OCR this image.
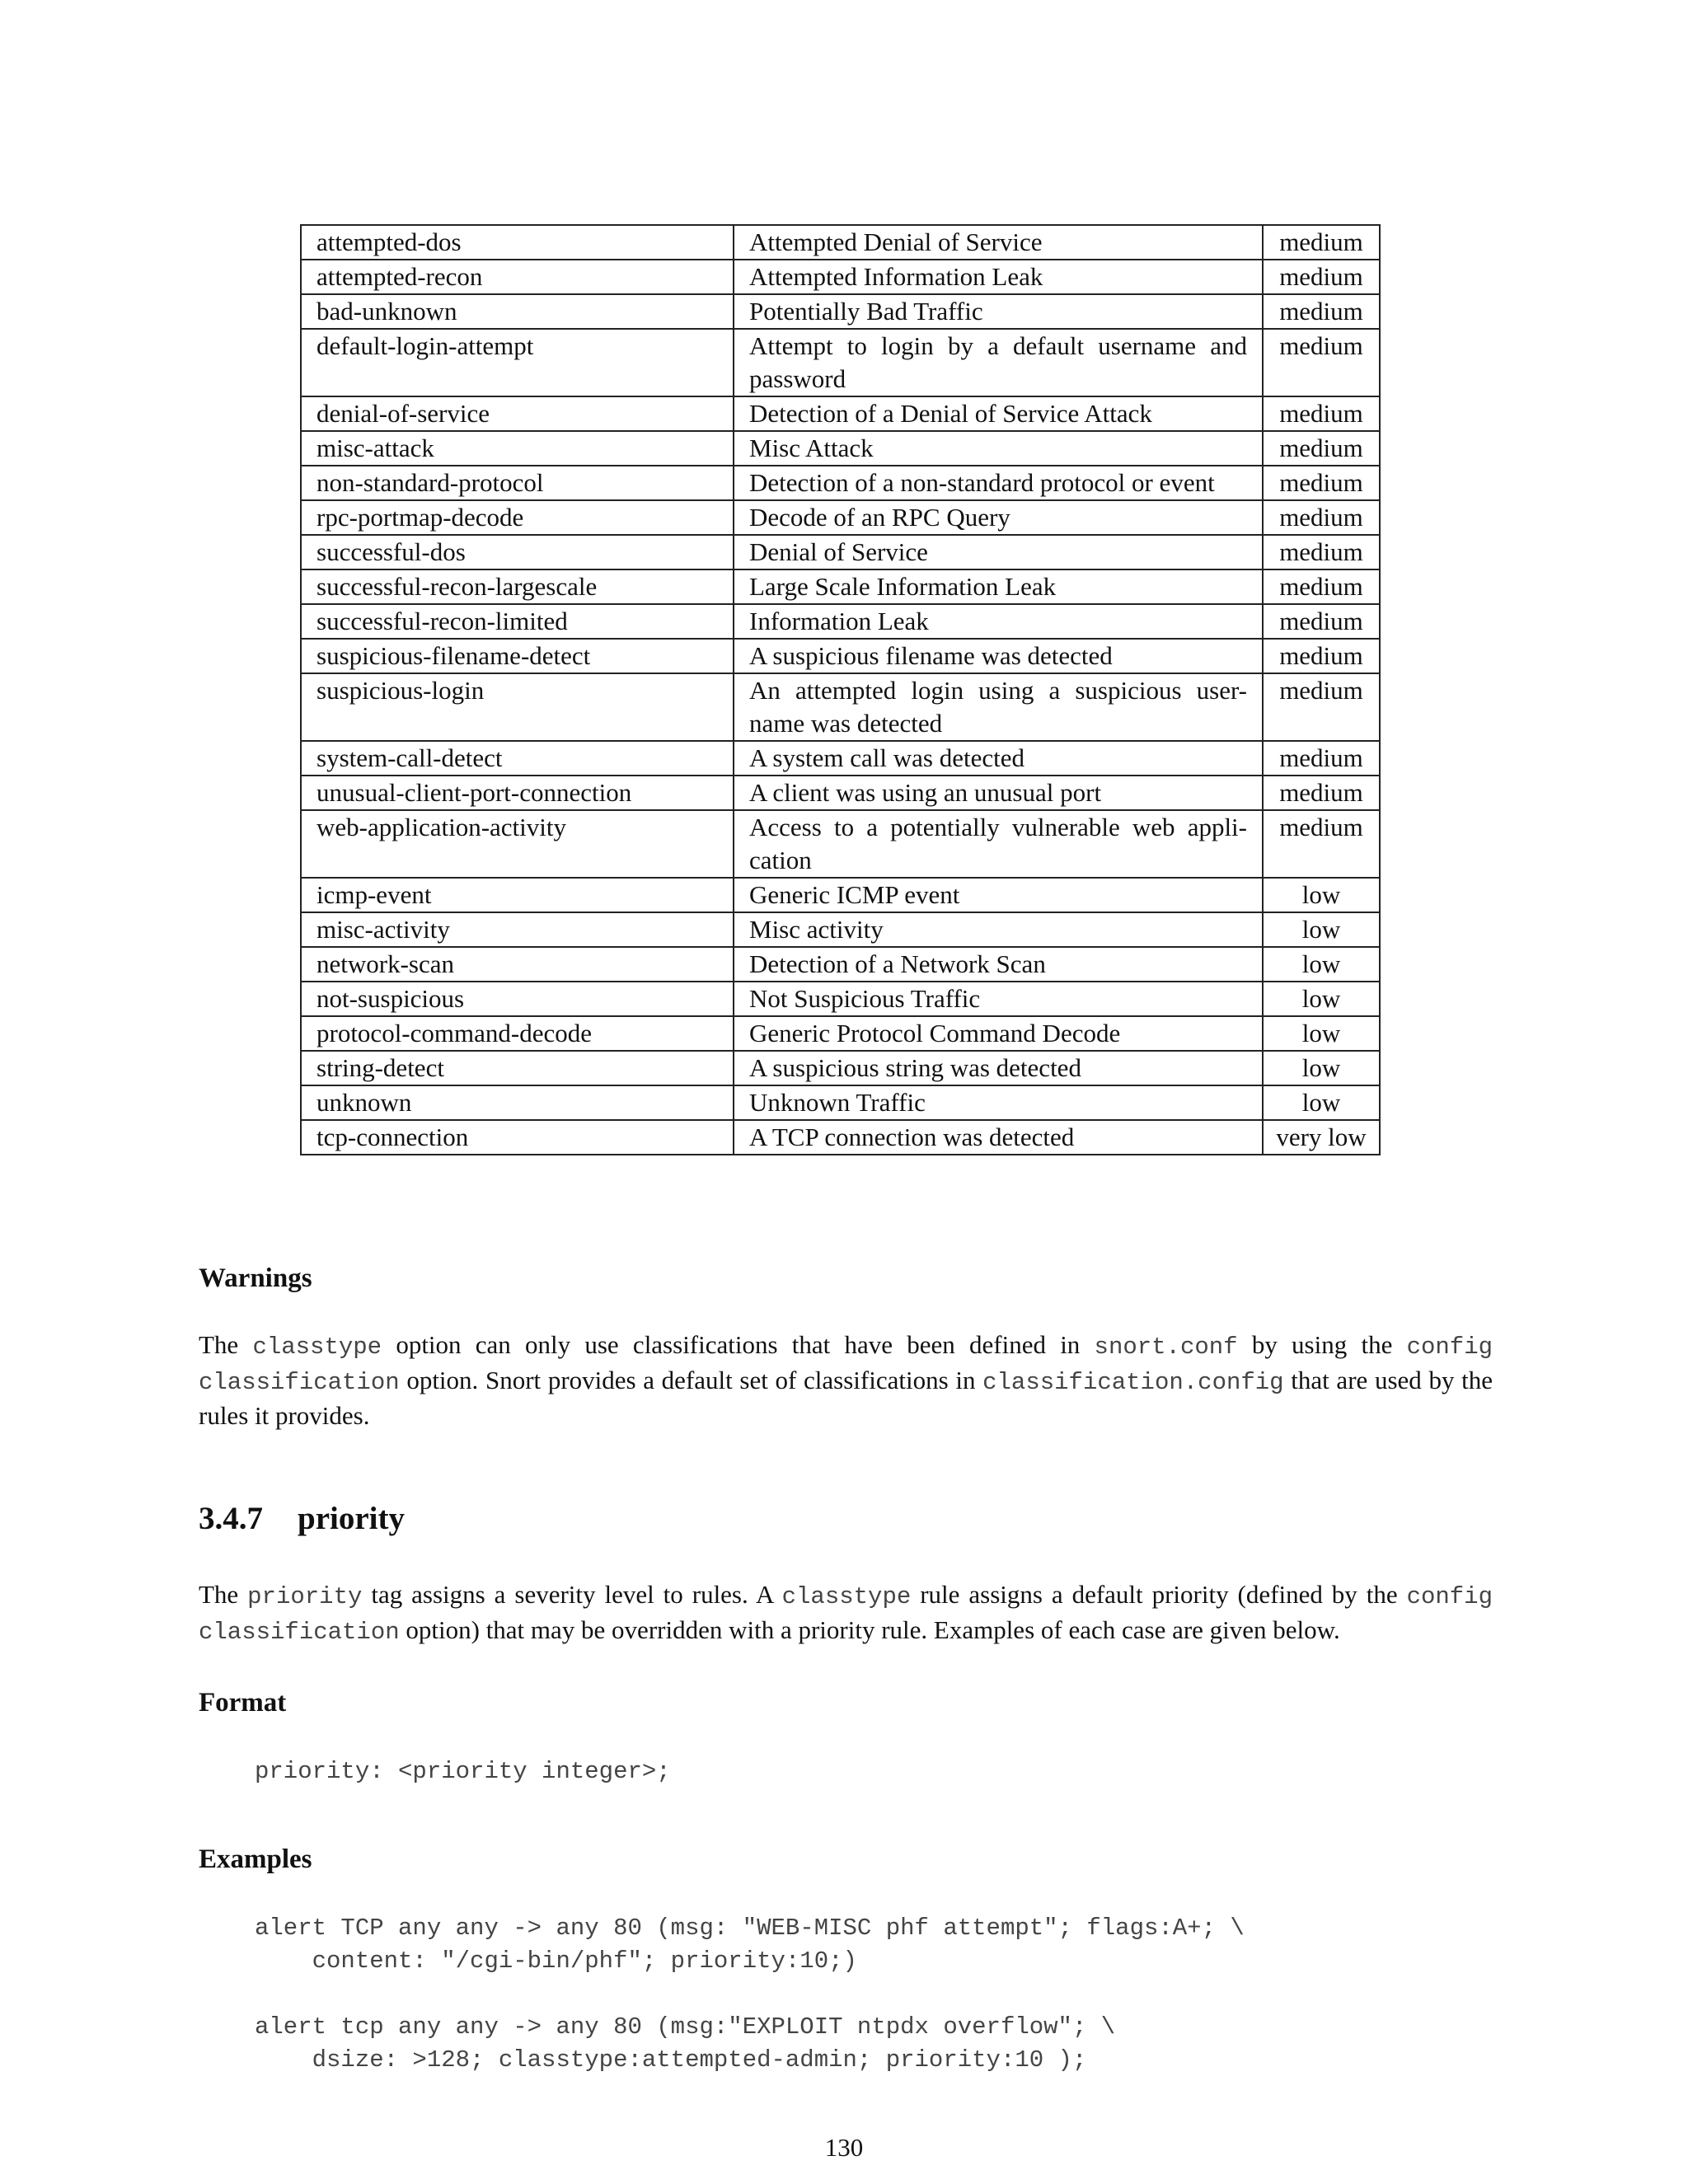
attempted-dos	Attempted Denial of Service	medium
attempted-recon	Attempted Information Leak	medium
bad-unknown	Potentially Bad Traffic	medium
default-login-attempt	Attempt to login by a default username and password	medium
denial-of-service	Detection of a Denial of Service Attack	medium
misc-attack	Misc Attack	medium
non-standard-protocol	Detection of a non-standard protocol or event	medium
rpc-portmap-decode	Decode of an RPC Query	medium
successful-dos	Denial of Service	medium
successful-recon-largescale	Large Scale Information Leak	medium
successful-recon-limited	Information Leak	medium
suspicious-filename-detect	A suspicious filename was detected	medium
suspicious-login	An attempted login using a suspicious user-name was detected	medium
system-call-detect	A system call was detected	medium
unusual-client-port-connection	A client was using an unusual port	medium
web-application-activity	Access to a potentially vulnerable web appli-cation	medium
icmp-event	Generic ICMP event	low
misc-activity	Misc activity	low
network-scan	Detection of a Network Scan	low
not-suspicious	Not Suspicious Traffic	low
protocol-command-decode	Generic Protocol Command Decode	low
string-detect	A suspicious string was detected	low
unknown	Unknown Traffic	low
tcp-connection	A TCP connection was detected	very low
Warnings
The classtype option can only use classifications that have been defined in snort.conf by using the config classification option. Snort provides a default set of classifications in classification.config that are used by the rules it provides.
3.4.7 priority
The priority tag assigns a severity level to rules. A classtype rule assigns a default priority (defined by the config classification option) that may be overridden with a priority rule. Examples of each case are given below.
Format
priority: <priority integer>;
Examples
alert TCP any any -> any 80 (msg: "WEB-MISC phf attempt"; flags:A+; \
content: "/cgi-bin/phf"; priority:10;)
alert tcp any any -> any 80 (msg:"EXPLOIT ntpdx overflow"; \
dsize: >128; classtype:attempted-admin; priority:10 );
130
